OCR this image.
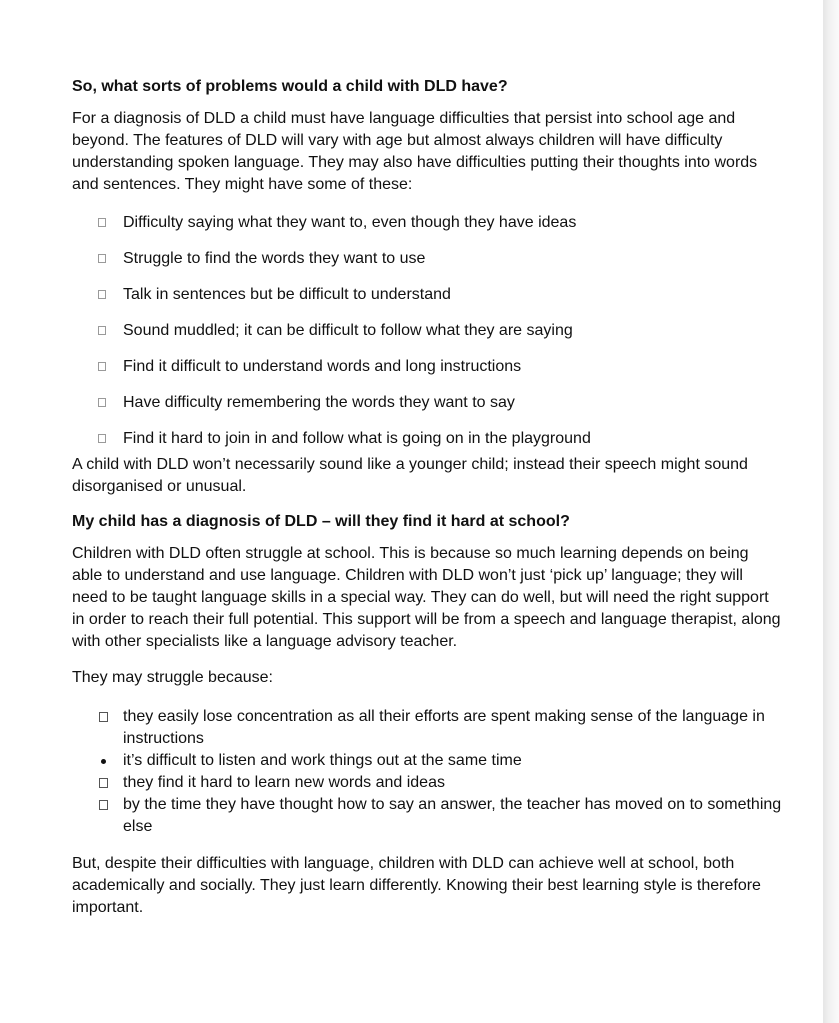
So, what sorts of problems would a child with DLD have?

For a diagnosis of DLD a child must have language difficulties that persist into school age and beyond. The features of DLD will vary with age but almost always children will have difficulty understanding spoken language. They may also have difficulties putting their thoughts into words and sentences. They might have some of these:

Difficulty saying what they want to, even though they have ideas
Struggle to find the words they want to use
Talk in sentences but be difficult to understand
Sound muddled; it can be difficult to follow what they are saying
Find it difficult to understand words and long instructions
Have difficulty remembering the words they want to say
Find it hard to join in and follow what is going on in the playground

A child with DLD won’t necessarily sound like a younger child; instead their speech might sound disorganised or unusual.

My child has a diagnosis of DLD – will they find it hard at school?

Children with DLD often struggle at school. This is because so much learning depends on being able to understand and use language. Children with DLD won’t just ‘pick up’ language; they will need to be taught language skills in a special way. They can do well, but will need the right support in order to reach their full potential. This support will be from a speech and language therapist, along with other specialists like a language advisory teacher.

They may struggle because:

they easily lose concentration as all their efforts are spent making sense of the language in instructions
it’s difficult to listen and work things out at the same time
they find it hard to learn new words and ideas
by the time they have thought how to say an answer, the teacher has moved on to something else

But, despite their difficulties with language, children with DLD can achieve well at school, both academically and socially. They just learn differently. Knowing their best learning style is therefore important.
